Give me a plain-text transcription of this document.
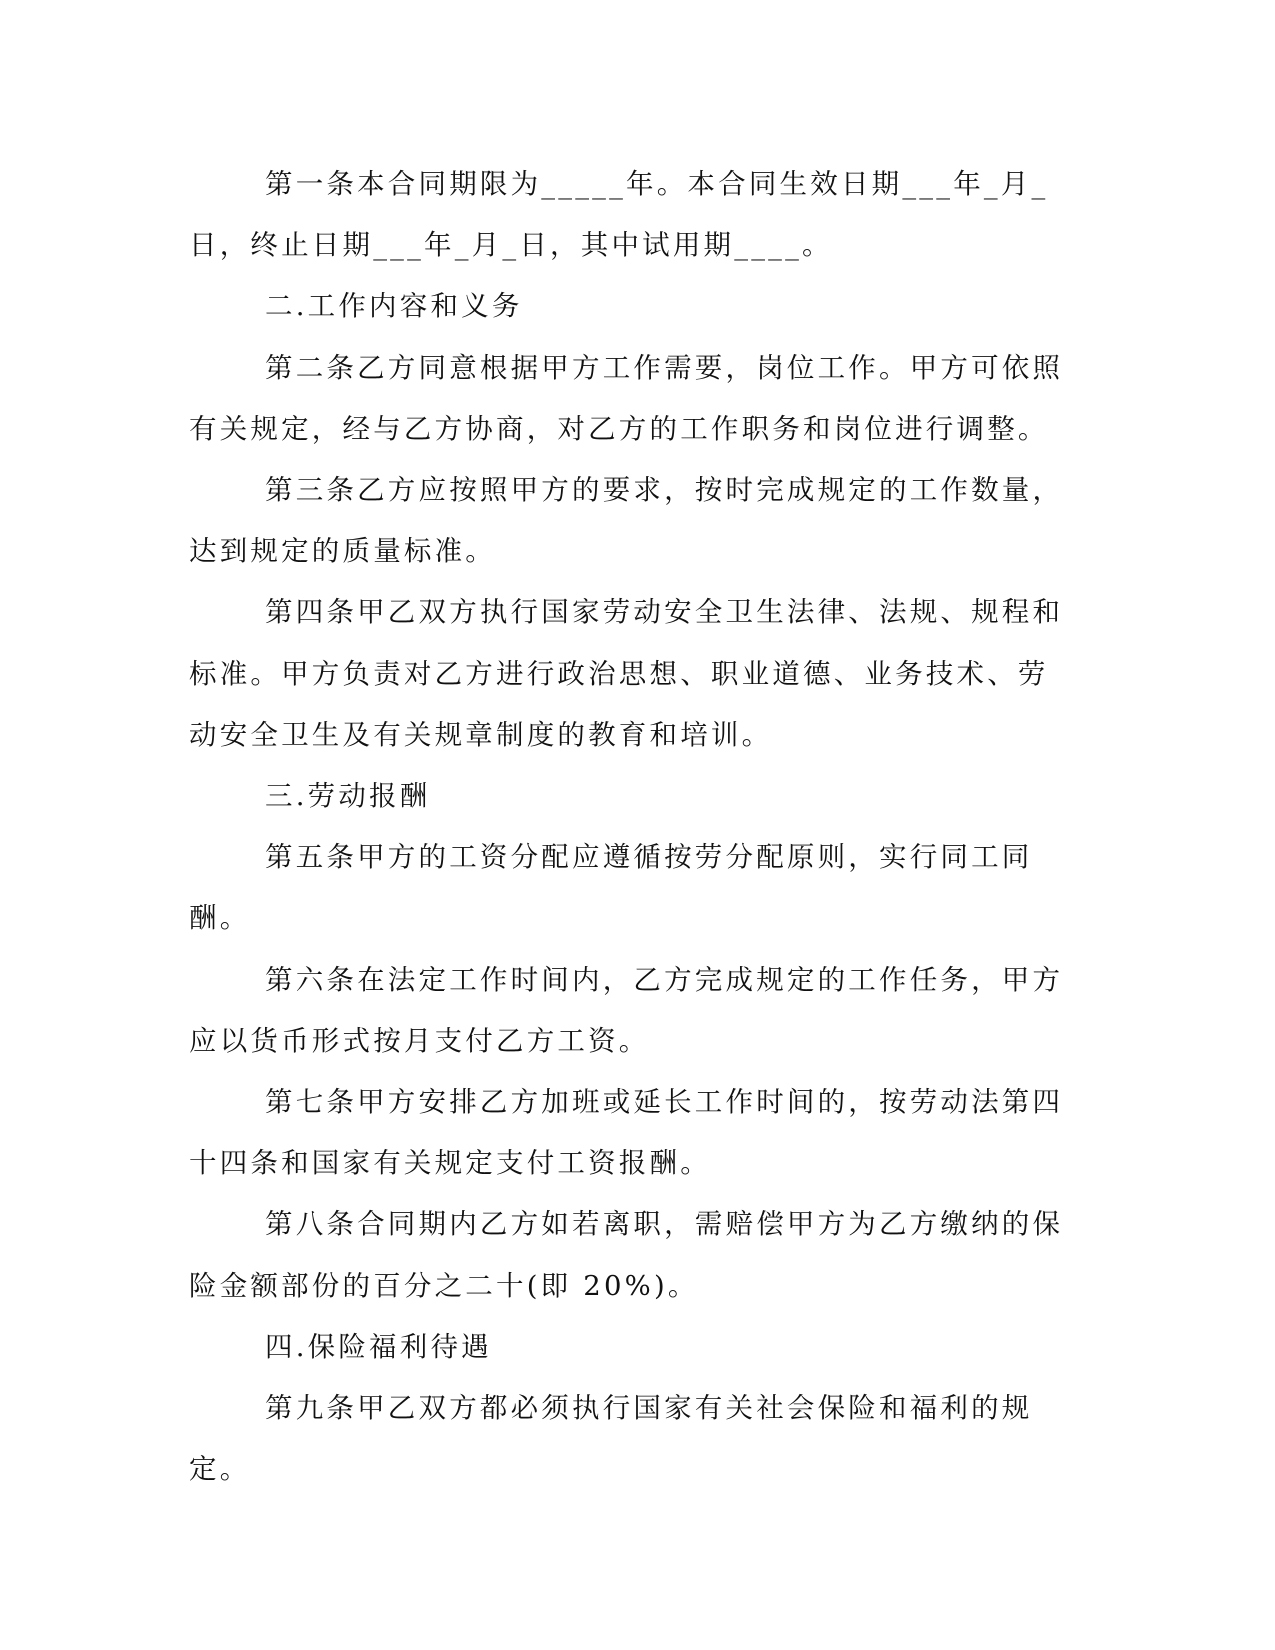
第一条本合同期限为_____年。本合同生效日期___年_月_日，终止日期___年_月_日，其中试用期____。

二.工作内容和义务

第二条乙方同意根据甲方工作需要，岗位工作。甲方可依照有关规定，经与乙方协商，对乙方的工作职务和岗位进行调整。

第三条乙方应按照甲方的要求，按时完成规定的工作数量，达到规定的质量标准。

第四条甲乙双方执行国家劳动安全卫生法律、法规、规程和标准。甲方负责对乙方进行政治思想、职业道德、业务技术、劳动安全卫生及有关规章制度的教育和培训。

三.劳动报酬

第五条甲方的工资分配应遵循按劳分配原则，实行同工同酬。

第六条在法定工作时间内，乙方完成规定的工作任务，甲方应以货币形式按月支付乙方工资。

第七条甲方安排乙方加班或延长工作时间的，按劳动法第四十四条和国家有关规定支付工资报酬。

第八条合同期内乙方如若离职，需赔偿甲方为乙方缴纳的保险金额部份的百分之二十(即 20%)。

四.保险福利待遇

第九条甲乙双方都必须执行国家有关社会保险和福利的规定。
